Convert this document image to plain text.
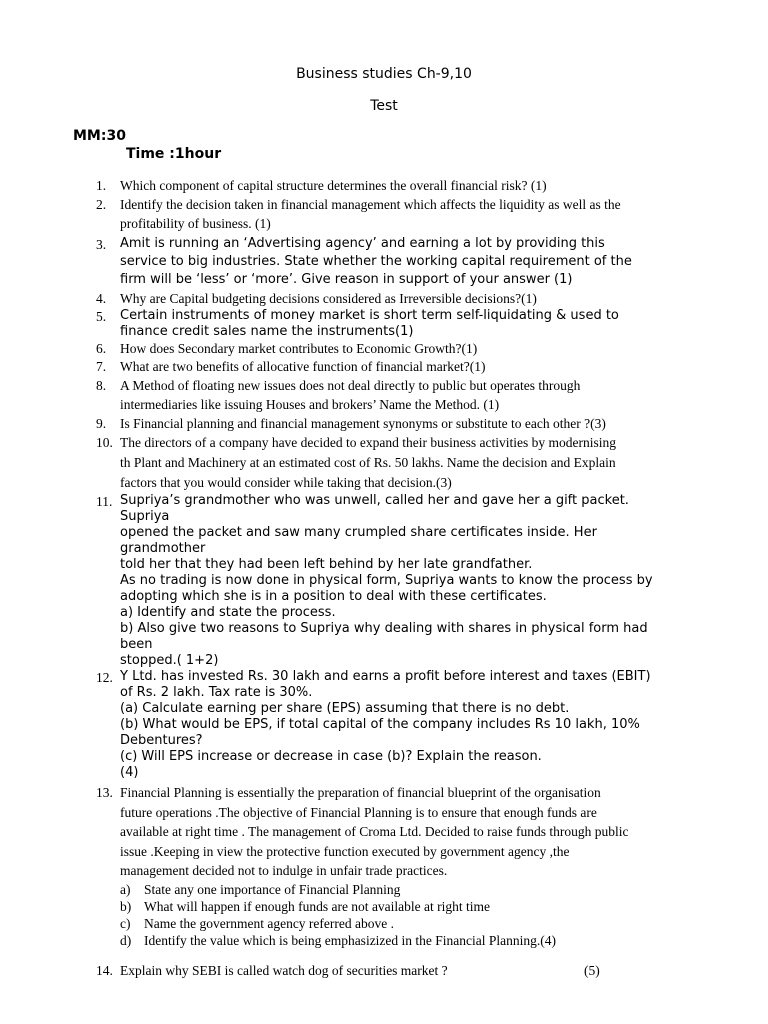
Business studies Ch-9,10
Test
MM:30
Time :1hour
1. Which component of capital structure determines the overall financial risk? (1)
2. Identify the decision taken in financial management which affects the liquidity as well as the
profitability of business. (1)
3. Amit is running an ‘Advertising agency’ and earning a lot by providing this
service to big industries. State whether the working capital requirement of the
firm will be ‘less’ or ‘more’. Give reason in support of your answer (1)
4. Why are Capital budgeting decisions considered as Irreversible decisions?(1)
5. Certain instruments of money market is short term self-liquidating & used to
finance credit sales name the instruments(1)
6. How does Secondary market contributes to Economic Growth?(1)
7. What are two benefits of allocative function of financial market?(1)
8. A Method of floating new issues does not deal directly to public but operates through
intermediaries like issuing Houses and brokers’ Name the Method. (1)
9. Is Financial planning and financial management synonyms or substitute to each other ?(3)
10. The directors of a company have decided to expand their business activities by modernising
th Plant and Machinery at an estimated cost of Rs. 50 lakhs. Name the decision and Explain
factors that you would consider while taking that decision.(3)
11. Supriya’s grandmother who was unwell, called her and gave her a gift packet.
Supriya
opened the packet and saw many crumpled share certificates inside. Her
grandmother
told her that they had been left behind by her late grandfather.
As no trading is now done in physical form, Supriya wants to know the process by
adopting which she is in a position to deal with these certificates.
a) Identify and state the process.
b) Also give two reasons to Supriya why dealing with shares in physical form had
been
stopped.( 1+2)
12. Y Ltd. has invested Rs. 30 lakh and earns a profit before interest and taxes (EBIT)
of Rs. 2 lakh. Tax rate is 30%.
(a) Calculate earning per share (EPS) assuming that there is no debt.
(b) What would be EPS, if total capital of the company includes Rs 10 lakh, 10%
Debentures?
(c) Will EPS increase or decrease in case (b)? Explain the reason.
(4)
13. Financial Planning is essentially the preparation of financial blueprint of the organisation
future operations .The objective of Financial Planning is to ensure that enough funds are
available at right time . The management of Croma Ltd. Decided to raise funds through public
issue .Keeping in view the protective function executed by government agency ,the
management decided not to indulge in unfair trade practices.
a) State any one importance of Financial Planning
b) What will happen if enough funds are not available at right time
c) Name the government agency referred above .
d) Identify the value which is being emphasizized in the Financial Planning.(4)
14. Explain why SEBI is called watch dog of securities market ?	(5)
